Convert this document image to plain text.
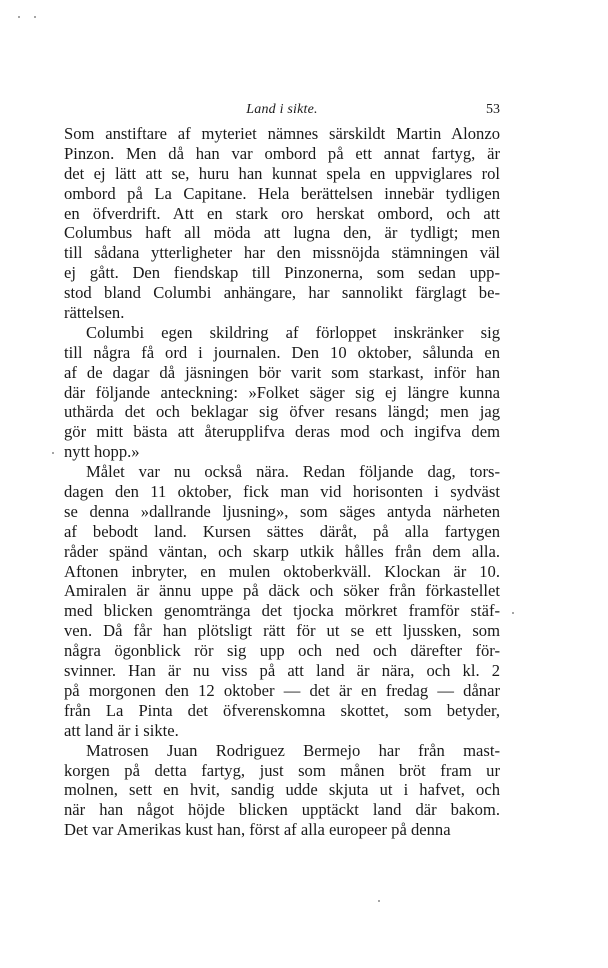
Land i sikte.	53
Som anstiftare af myteriet nämnes särskildt Martin Alonzo
Pinzon. Men då han var ombord på ett annat fartyg, är
det ej lätt att se, huru han kunnat spela en uppviglares rol
ombord på La Capitane. Hela berättelsen innebär tydligen
en öfverdrift. Att en stark oro herskat ombord, och att
Columbus haft all möda att lugna den, är tydligt; men
till sådana ytterligheter har den missnöjda stämningen väl
ej gått. Den fiendskap till Pinzonerna, som sedan upp-
stod bland Columbi anhängare, har sannolikt färglagt be-
rättelsen.
Columbi egen skildring af förloppet inskränker sig
till några få ord i journalen. Den 10 oktober, sålunda en
af de dagar då jäsningen bör varit som starkast, inför han
där följande anteckning: »Folket säger sig ej längre kunna
uthärda det och beklagar sig öfver resans längd; men jag
gör mitt bästa att återupplifva deras mod och ingifva dem
nytt hopp.»
Målet var nu också nära. Redan följande dag, tors-
dagen den 11 oktober, fick man vid horisonten i sydväst
se denna »dallrande ljusning», som säges antyda närheten
af bebodt land. Kursen sättes däråt, på alla fartygen
råder spänd väntan, och skarp utkik hålles från dem alla.
Aftonen inbryter, en mulen oktoberkväll. Klockan är 10.
Amiralen är ännu uppe på däck och söker från förkastellet
med blicken genomtränga det tjocka mörkret framför stäf-
ven. Då får han plötsligt rätt för ut se ett ljussken, som
några ögonblick rör sig upp och ned och därefter för-
svinner. Han är nu viss på att land är nära, och kl. 2
på morgonen den 12 oktober — det är en fredag — dånar
från La Pinta det öfverenskomna skottet, som betyder,
att land är i sikte.
Matrosen Juan Rodriguez Bermejo har från mast-
korgen på detta fartyg, just som månen bröt fram ur
molnen, sett en hvit, sandig udde skjuta ut i hafvet, och
när han något höjde blicken upptäckt land där bakom.
Det var Amerikas kust han, först af alla europeer på denna
